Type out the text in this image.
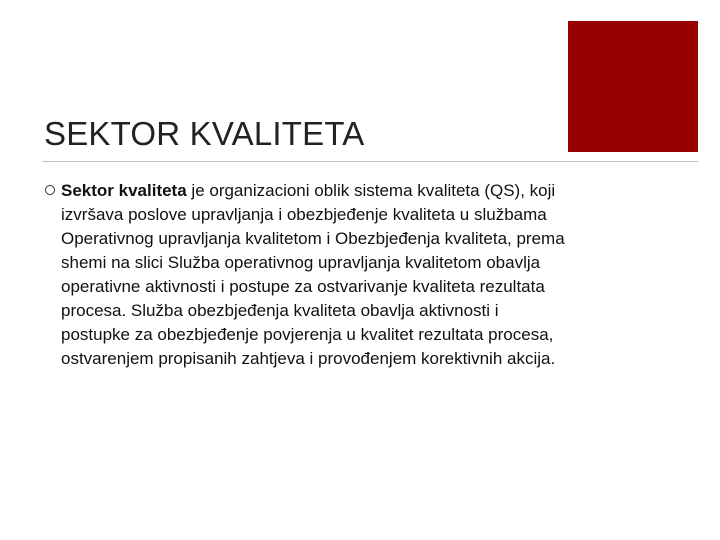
SEKTOR KVALITETA
Sektor kvaliteta je organizacioni oblik sistema kvaliteta (QS), koji izvršava poslove upravljanja i obezbjeđenje kvaliteta u službama Operativnog upravljanja kvalitetom i Obezbjeđenja kvaliteta, prema shemi na slici Služba operativnog upravljanja kvalitetom obavlja operativne aktivnosti i postupe za ostvarivanje kvaliteta rezultata procesa. Služba obezbjeđenja kvaliteta obavlja aktivnosti i postupke za obezbjeđenje povjerenja u kvalitet rezultata procesa, ostvarenjem propisanih zahtjeva i provođenjem korektivnih akcija.
